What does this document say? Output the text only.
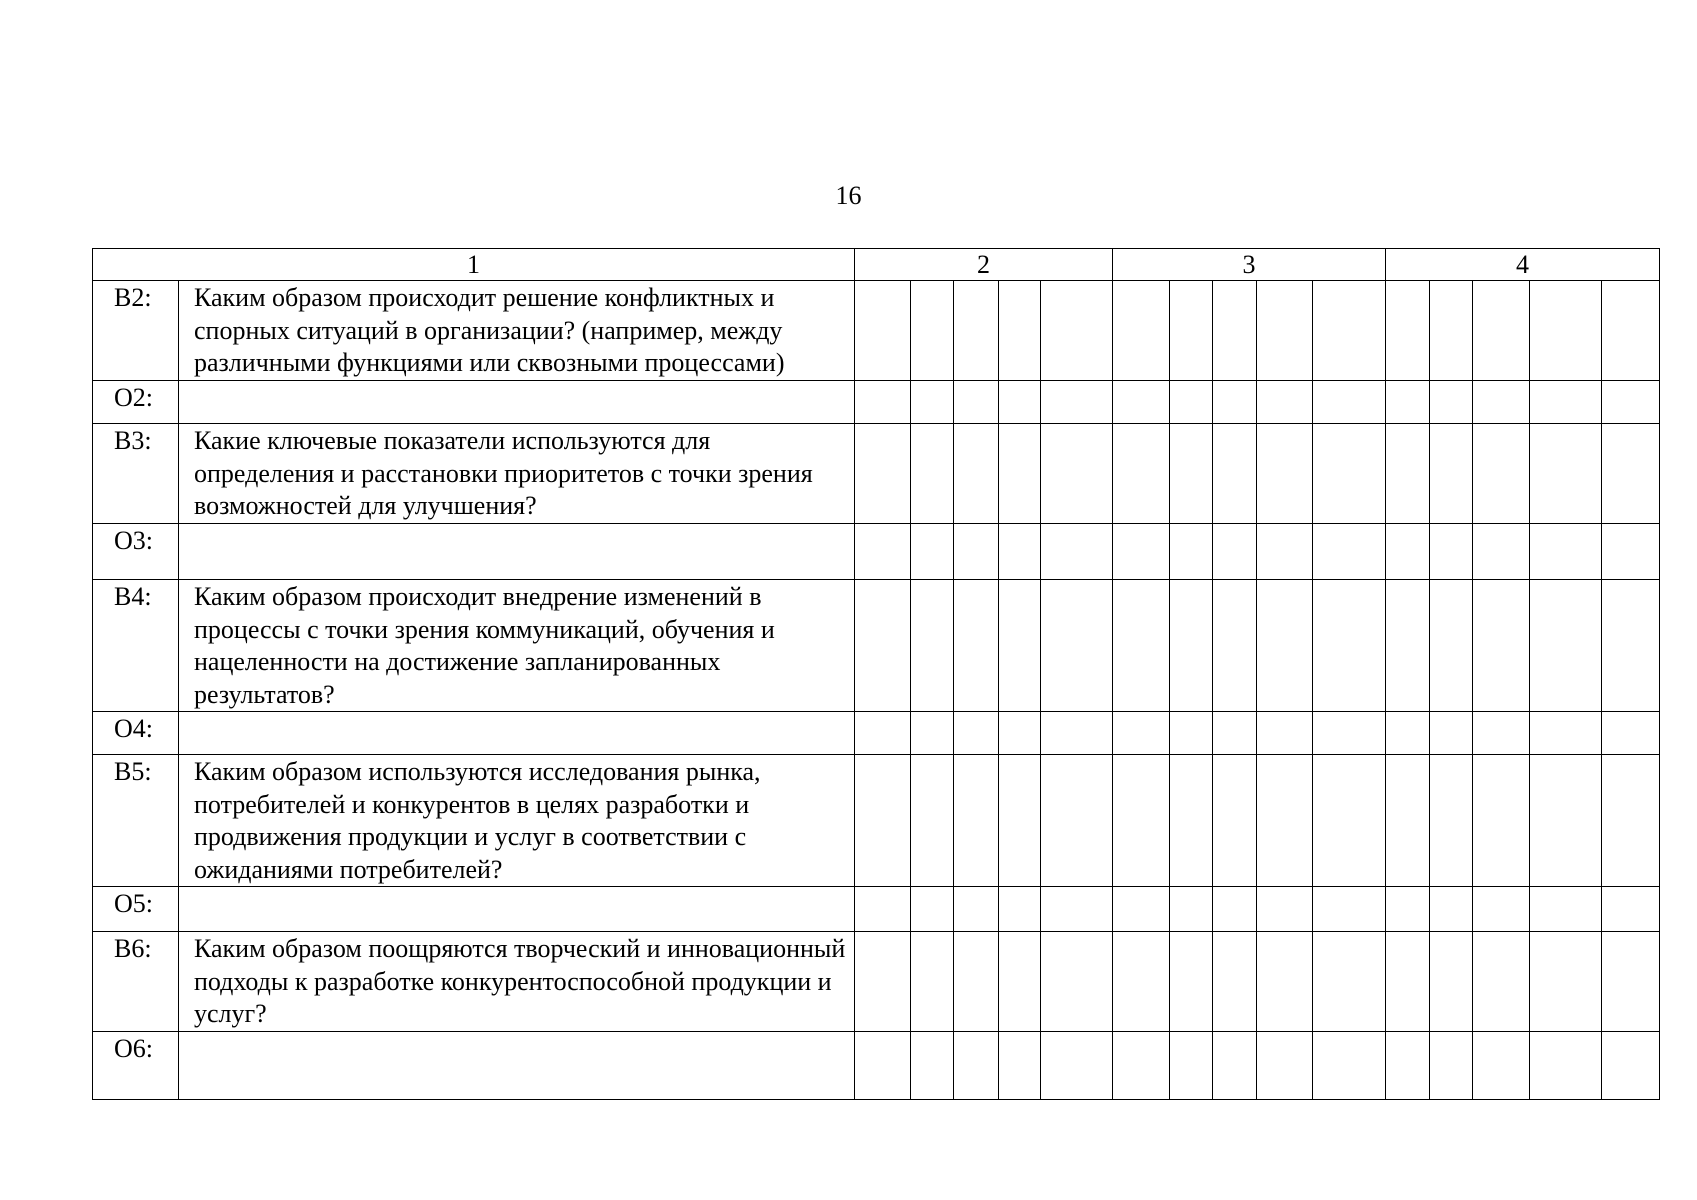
16
1		2					3					4				
В2:	Каким образом происходит решение конфликтных и спорных ситуаций в организации? (например, между различными функциями или сквозными процессами)															
О2:																
В3:	Какие ключевые показатели используются для определения и расстановки приоритетов с точки зрения возможностей для улучшения?															
О3:																
В4:	Каким образом происходит внедрение изменений в процессы с точки зрения коммуникаций, обучения и нацеленности на достижение запланированных результатов?															
О4:																
В5:	Каким образом используются исследования рынка, потребителей и конкурентов в целях разработки и продвижения продукции и услуг в соответствии с ожиданиями потребителей?															
О5:																
В6:	Каким образом поощряются творческий и инновационный подходы к разработке конкурентоспособной продукции и услуг?															
О6:																
